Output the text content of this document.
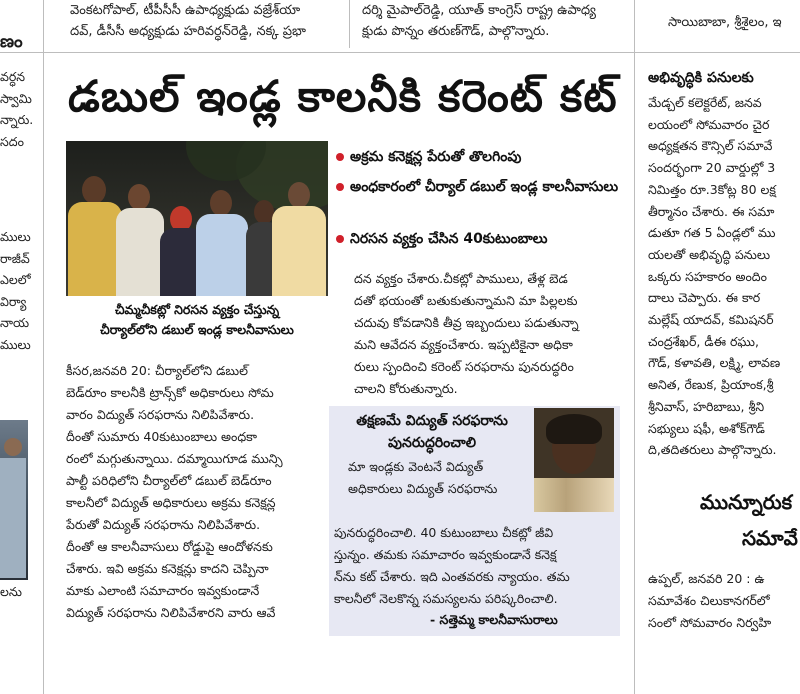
వెంకటగోపాల్, టీపీసీసీ ఉపాధ్యక్షుడు వజ్రేశ్‌యా
దవ్, డీసీసీ అధ్యక్షుడు హరివర్ధన్‌రెడ్డి, నక్క ప్రభా
దర్శి మైపాల్‌రెడ్డి, యూత్ కాంగ్రెస్ రాష్ట్ర ఉపాధ్య
క్షుడు పొన్నం తరుణ్‌గౌడ్, పాల్గొన్నారు.
సాయిబాబా, శ్రీశైలం, ఇ
ణం
వర్ధన
స్వామి
న్నారు.
సదం
ములు
రాజీవ్
ఎలలో
విర్యా
నాయ
ములు
లను
డబుల్ ఇండ్ల కాలనీకి కరెంట్ కట్
చీమ్మచీకట్లో నిరసన వ్యక్తం చేస్తున్న
చీర్యాల్‌లోని డబుల్ ఇండ్ల కాలనీవాసులు
అక్రమ కనెక్షన్ల పేరుతో తొలగింపు
అంధకారంలో చీర్యాల్ డబుల్ ఇండ్ల కాలనీవాసులు
నిరసన వ్యక్తం చేసిన 40కుటుంబాలు
దన వ్యక్తం చేశారు.చీకట్లో పాములు, తేళ్ల బెడ
దతో భయంతో బతుకుతున్నామని మా పిల్లలకు
చదువు కోవడానికి తీవ్ర ఇబ్బందులు పడుతున్నా
మని ఆవేదన వ్యక్తంచేశారు. ఇప్పటికైనా అధికా
రులు స్పందించి కరెంట్ సరఫరాను పునరుద్ధరిం
చాలని కోరుతున్నారు.
కీసర,జనవరి 20: చీర్యాల్‌లోని డబుల్
బెడ్‌రూం కాలనీకి ట్రాన్స్‌కో అధికారులు సోమ
వారం విద్యుత్ సరఫరాను నిలిపివేశారు.
దీంతో సుమారు 40కుటుంబాలు అంధకా
రంలో మగ్గుతున్నాయి. దమ్మాయిగూడ మున్సి
పాల్టీ పరిధిలోని చీర్యాల్‌లో డబుల్ బెడ్‌రూం
కాలనీలో విద్యుత్ అధికారులు అక్రమ కనెక్షన్ల
పేరుతో విద్యుత్ సరఫరాను నిలిపివేశారు.
దీంతో ఆ కాలనీవాసులు రోడ్డుపై ఆందోళనకు
చేశారు. ఇవి అక్రమ కనెక్షన్లు కాదని చెప్పినా
మాకు ఎలాంటి సమాచారం ఇవ్వకుండానే
విద్యుత్ సరఫరాను నిలిపివేశారని వారు ఆవే
తక్షణమే విద్యుత్ సరఫరాను
పునరుద్ధరించాలి
మా ఇండ్లకు వెంటనే విద్యుత్
అధికారులు విద్యుత్ సరఫరాను
పునరుద్ధరించాలి. 40 కుటుంబాలు చీకట్లో జీవి
స్తున్నం. తమకు సమాచారం ఇవ్వకుండానే కనెక్ష
న్‌ను కట్ చేశారు. ఇది ఎంతవరకు న్యాయం. తమ
కాలనీలో నెలకొన్న సమస్యలను పరిష్కరించాలి.
- సత్తెమ్మ కాలనీవాసురాలు
అభివృద్ధికి పనులకు
మేడ్చల్ కలెక్టరేట్, జనవ
లయంలో సోమవారం చైర
అధ్యక్షతన కౌన్సిల్ సమావే
సందర్భంగా 20 వార్డుల్లో 3
నిమిత్తం రూ.3కోట్ల 80 లక్ష
తీర్మానం చేశారు. ఈ సమా
డుతూ గత 5 ఏండ్లలో ము
యలతో అభివృద్ధి పనులు
ఒక్కరు సహకారం అందిం
దాలు చెప్పారు. ఈ కార
మల్లేష్ యాదవ్, కమిషనర్
చంద్రశేఖర్, డీఈ రఘు,
గౌడ్, కళావతి, లక్ష్మి, లావణ
అనిత, రేణుక, ప్రియాంక,శ్రీ
శ్రీనివాస్, హరిబాబు, శ్రీని
సభ్యులు షఫీ, అశోక్‌గౌడ్
ది,తదితరులు పాల్గొన్నారు.
మున్నూరుక
సమావే
ఉప్పల్, జనవరి 20 : ఉ
సమావేశం చిలుకానగర్‌లో
సంలో సోమవారం నిర్వహి
